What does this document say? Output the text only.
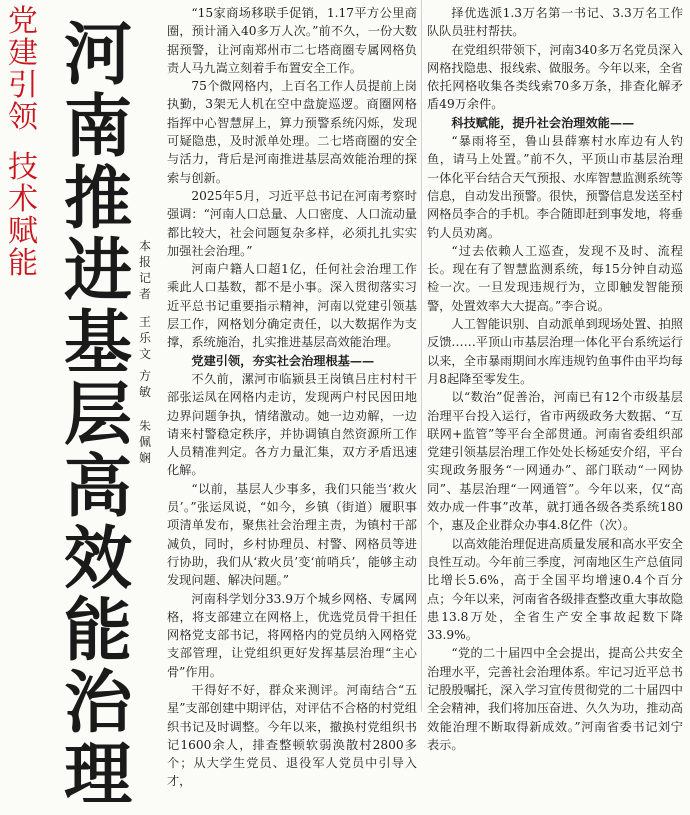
党
建
引
领
技
术
赋
能
河
南
推
进
基
层
高
效
能
治
理
本
报
记
者
王
乐
文
方
敏
朱
佩
娴

“15家商场移联手促销，1.17平方公里商圈，预计涌入40多万人次。”前不久，一份大数据预警，让河南郑州市二七塔商圈专属网格负责人马九嵩立刻着手布置安全工作。

75个微网格内，上百名工作人员提前上岗执勤，3架无人机在空中盘旋巡逻。商圈网格指挥中心智慧屏上，算力预警系统闪烁，发现可疑隐患，及时派单处理。二七塔商圈的安全与活力，背后是河南推进基层高效能治理的探索与创新。

2025年5月，习近平总书记在河南考察时强调：“河南人口总量、人口密度、人口流动量都比较大，社会问题复杂多样，必须扎扎实实加强社会治理。”

河南户籍人口超1亿，任何社会治理工作乘此人口基数，都不是小事。深入贯彻落实习近平总书记重要指示精神，河南以党建引领基层工作，网格划分确定责任，以大数据作为支撑，系统施治，扎实推进基层高效能治理。

党建引领，夯实社会治理根基——

不久前，漯河市临颍县王岗镇吕庄村村干部张运凤在网格内走访，发现两户村民因田地边界问题争执，情绪激动。她一边劝解，一边请来村警稳定秩序，并协调镇自然资源所工作人员精准判定。各方力量汇集，双方矛盾迅速化解。

“以前，基层人少事多，我们只能当‘救火员’。”张运凤说，“如今，乡镇（街道）履职事项清单发布，聚焦社会治理主责，为镇村干部减负，同时，乡村协理员、村警、网格员等进行协助，我们从‘救火员’变‘前哨兵’，能够主动发现问题、解决问题。”

河南科学划分33.9万个城乡网格、专属网格，将支部建立在网格上，优选党员骨干担任网格党支部书记，将网格内的党员纳入网格党支部管理，让党组织更好发挥基层治理“主心骨”作用。

干得好不好，群众来测评。河南结合“五星”支部创建中期评估，对评估不合格的村党组织书记及时调整。今年以来，撤换村党组织书记1600余人，排查整顿软弱涣散村2800多个；从大学生党员、退役军人党员中引导入才，

择优选派1.3万名第一书记、3.3万名工作队队员驻村帮扶。

在党组织带领下，河南340多万名党员深入网格找隐患、报线索、做服务。今年以来，全省依托网格收集各类线索70多万条，排查化解矛盾49万余件。

科技赋能，提升社会治理效能——

“暴雨将至，鲁山县薛寨村水库边有人钓鱼，请马上处置。”前不久，平顶山市基层治理一体化平台结合天气预报、水库智慧监测系统等信息，自动发出预警。很快，预警信息发送至村网格员李合的手机。李合随即赶到事发地，将垂钓人员劝离。

“过去依赖人工巡查，发现不及时、流程长。现在有了智慧监测系统，每15分钟自动巡检一次。一旦发现违规行为，立即触发智能预警，处置效率大大提高。”李合说。

人工智能识别、自动派单到现场处置、拍照反馈……平顶山市基层治理一体化平台系统运行以来，全市暴雨期间水库违规钓鱼事件由平均每月8起降至零发生。

以“数治”促善治，河南已有12个市级基层治理平台投入运行，省市两级政务大数据、“互联网+监管”等平台全部贯通。河南省委组织部党建引领基层治理工作处处长杨延安介绍，平台实现政务服务“一网通办”、部门联动“一网协同”、基层治理“一网通管”。今年以来，仅“高效办成一件事”改革，就打通各级各类系统180个，惠及企业群众办事4.8亿件（次）。

以高效能治理促进高质量发展和高水平安全良性互动。今年前三季度，河南地区生产总值同比增长5.6%，高于全国平均增速0.4个百分点；今年以来，河南省各级排查整改重大事故隐患13.8万处，全省生产安全事故起数下降33.9%。

“党的二十届四中全会提出，提高公共安全治理水平，完善社会治理体系。牢记习近平总书记殷殷嘱托，深入学习宣传贯彻党的二十届四中全会精神，我们将加压奋进、久久为功，推动高效能治理不断取得新成效。”河南省委书记刘宁表示。
